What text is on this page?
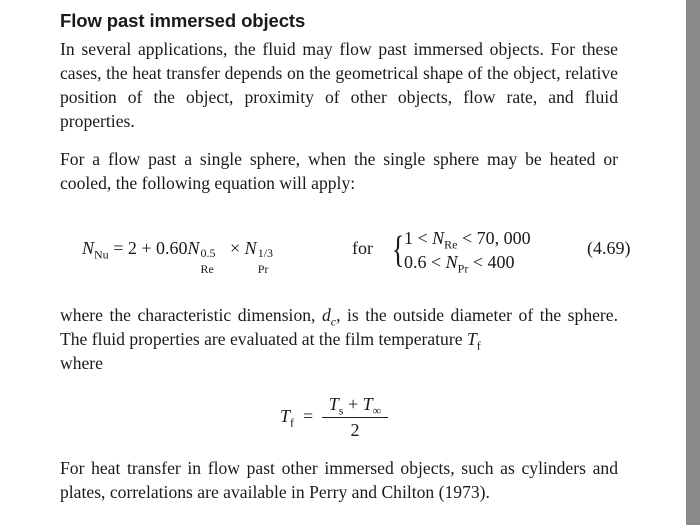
Flow past immersed objects

In several applications, the fluid may flow past immersed objects. For these cases, the heat transfer depends on the geometrical shape of the object, relative position of the object, proximity of other objects, flow rate, and fluid properties.

For a flow past a single sphere, when the single sphere may be heated or cooled, the following equation will apply:

$N_{Nu} = 2 + 0.60N$ 0.5
Re
× N 1/3
Pr
for { $1 < N_{Re} < 70$, 000
$0.6 < N_{Pr} < 400$
(4.69)

where the characteristic dimension, $d_c$, is the outside diameter of the sphere. The fluid properties are evaluated at the film temperature $T_f$
where

$T_f$ =
$T_s + T_\infty$
2

For heat transfer in flow past other immersed objects, such as cylinders and plates, correlations are available in Perry and Chilton (1973).
